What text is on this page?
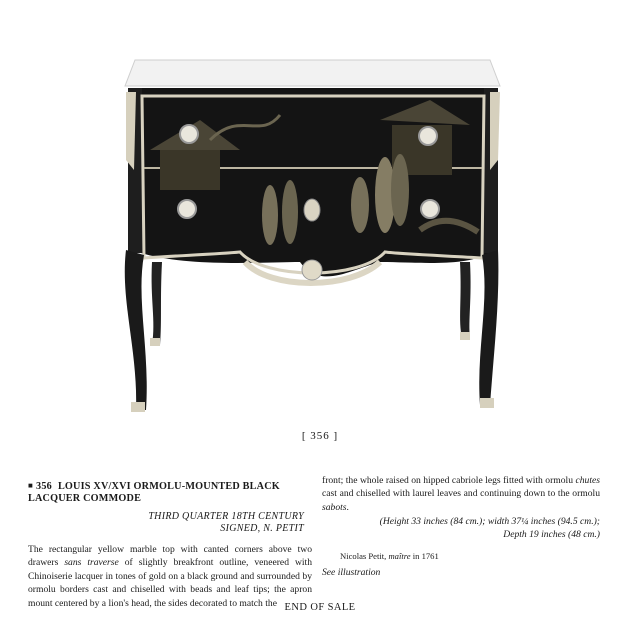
[ 356 ]

■ 356 LOUIS XV/XVI ORMOLU-MOUNTED BLACK
LACQUER COMMODE

THIRD QUARTER 18TH CENTURY
SIGNED, N. PETIT

The rectangular yellow marble top with canted corners above two drawers sans traverse of slightly breakfront outline, veneered with Chinoiserie lacquer in tones of gold on a black ground and surrounded by ormolu borders cast and chiselled with beads and leaf tips; the apron mount centered by a lion's head, the sides decorated to match the

front; the whole raised on hipped cabriole legs fitted with ormolu chutes cast and chiselled with laurel leaves and continuing down to the ormolu sabots.

(Height 33 inches (84 cm.); width 37¼ inches (94.5 cm.);
Depth 19 inches (48 cm.)

Nicolas Petit, maître in 1761

See illustration

END OF SALE
